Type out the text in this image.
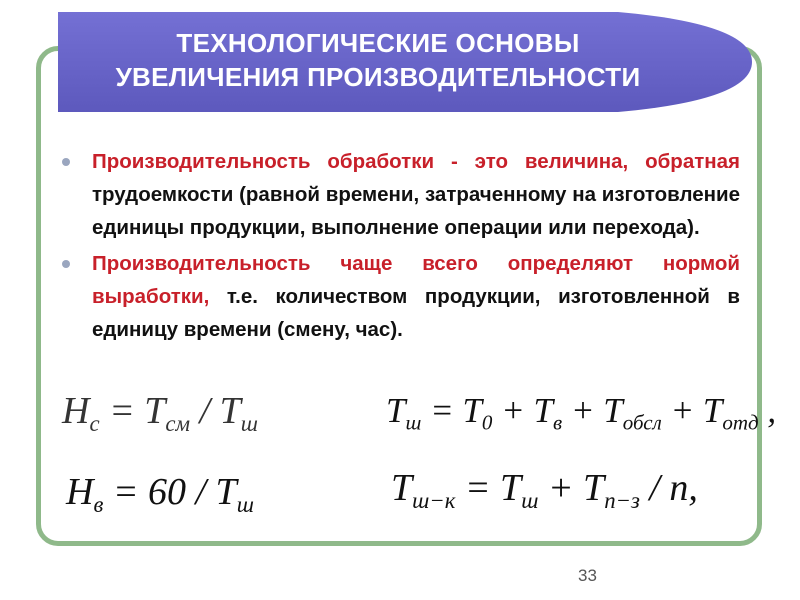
ТЕХНОЛОГИЧЕСКИЕ ОСНОВЫ
УВЕЛИЧЕНИЯ ПРОИЗВОДИТЕЛЬНОСТИ
Производительность обработки - это величина, обратная трудоемкости (равной времени, затраченному на изготовление единицы продукции, выполнение операции или перехода).
Производительность чаще всего определяют нормой выработки, т.е. количеством продукции, изготовленной в единицу времени (смену, час).
$H_с = T_{см} / T_ш$	$T_ш = T_0 + T_в + T_{обсл} + T_{отд}$ ,
$H_в = 60 / T_ш$	$T_{ш-к} = T_ш + T_{п-з} / n$,
33
